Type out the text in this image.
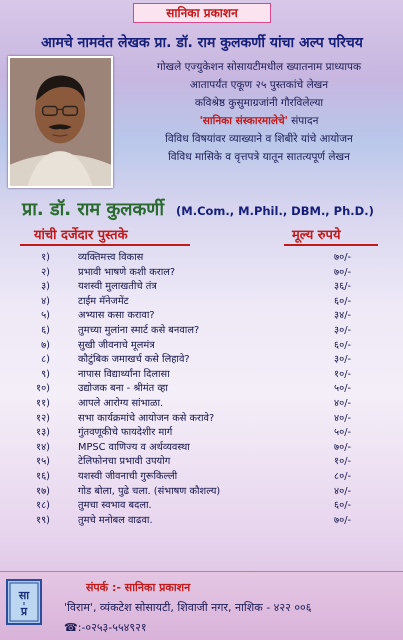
सानिका प्रकाशन
आमचे नामवंत लेखक प्रा. डॉ. राम कुलकर्णी यांचा अल्प परिचय
गोखले एज्युकेशन सोसायटीमधील ख्यातनाम प्राध्यापक
आतापर्यंत एकूण २५ पुस्तकांचे लेखन
कविश्रेष्ठ कुसुमाग्रजांनी गौरविलेल्या
'सानिका संस्कारमालेचे' संपादन
विविध विषयांवर व्याख्याने व शिबीरे यांचे आयोजन
विविध मासिके व वृत्तपत्रे यातून सातत्यपूर्ण लेखन
प्रा. डॉ. राम कुलकर्णी (M.Com., M.Phil., DBM., Ph.D.)
यांची दर्जेदार पुस्तके	मूल्य रुपये
१)	व्यक्तिमत्त्व विकास	७०/-
२)	प्रभावी भाषणे कशी कराल?	७०/-
३)	यशस्वी मुलाखतीचे तंत्र	३६/-
४)	टाईम मॅनेजमेंट	६०/-
५)	अभ्यास कसा करावा?	३४/-
६)	तुमच्या मुलांना स्मार्ट कसे बनवाल?	३०/-
७)	सुखी जीवनाचे मूलमंत्र	६०/-
८)	कौटुंबिक जमाखर्च कसे लिहावे?	३०/-
९)	नापास विद्यार्थ्यांना दिलासा	१०/-
१०)	उद्योजक बना - श्रीमंत व्हा	५०/-
११)	आपले आरोग्य सांभाळा.	४०/-
१२)	सभा कार्यक्रमांचे आयोजन कसे करावे?	४०/-
१३)	गुंतवणूकीचे फायदेशीर मार्ग	५०/-
१४)	MPSC वाणिज्य व अर्थव्यवस्था	७०/-
१५)	टेलिफोनचा प्रभावी उपयोग	१०/-
१६)	यशस्वी जीवनाची गुरूकिल्ली	८०/-
१७)	गोड बोला, पुढे चला. (संभाषण कौशल्य)	४०/-
१८)	तुमचा स्वभाव बदला.	६०/-
१९)	तुमचे मनोबल वाढवा.	७०/-
सा
प्र
संपर्क :- सानिका प्रकाशन
'विराम', व्यंकटेश सोसायटी, शिवाजी नगर, नाशिक - ४२२ ००६
☎:-०२५३-५५४९२१
